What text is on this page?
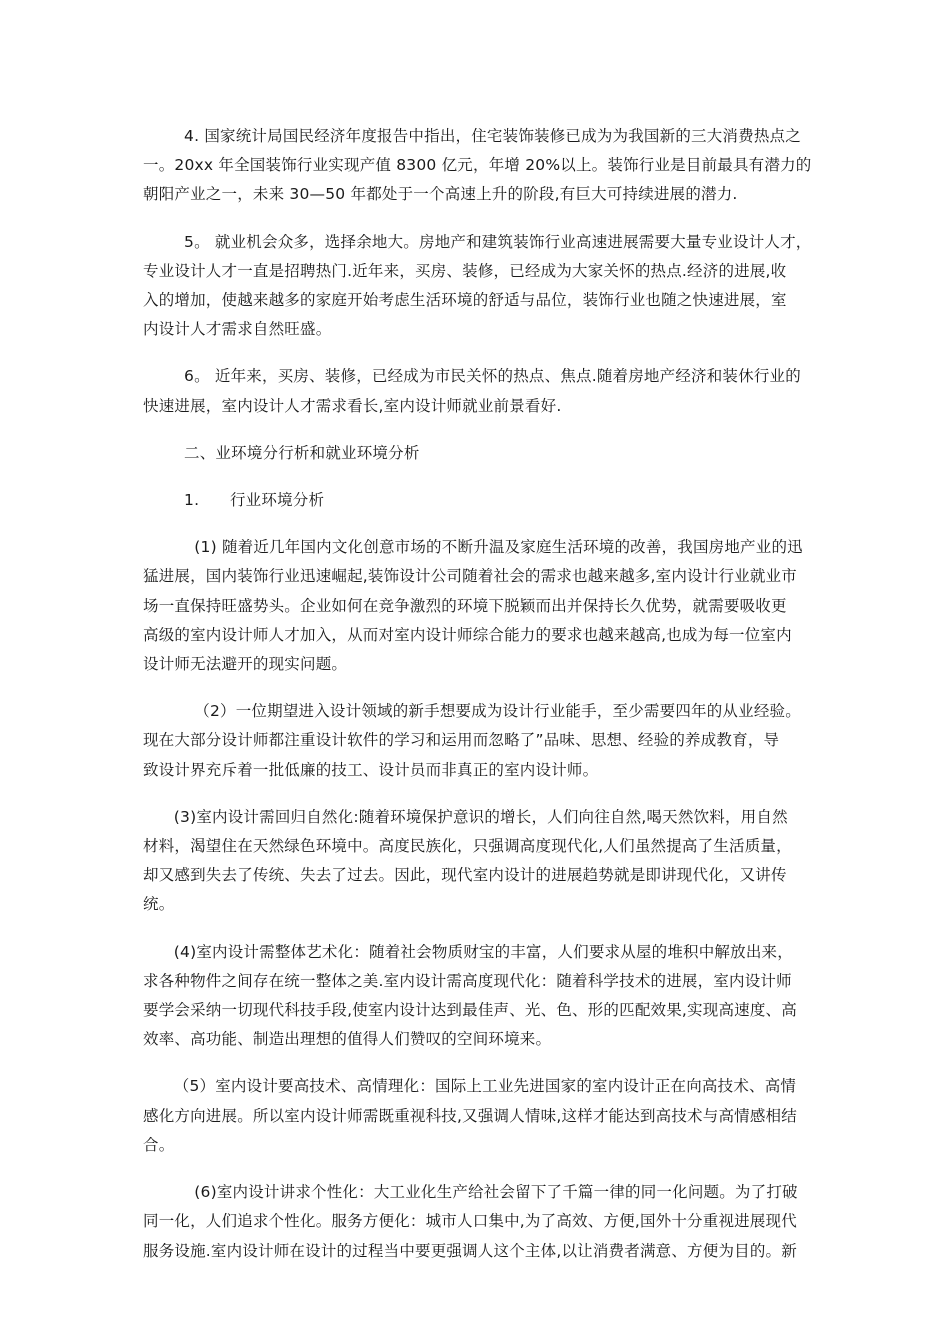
4. 国家统计局国民经济年度报告中指出，住宅装饰装修已成为为我国新的三大消费热点之
一。20xx 年全国装饰行业实现产值 8300 亿元，年增 20%以上。装饰行业是目前最具有潜力的
朝阳产业之一，未来 30—50 年都处于一个高速上升的阶段,有巨大可持续进展的潜力.

5。 就业机会众多，选择余地大。房地产和建筑装饰行业高速进展需要大量专业设计人才，
专业设计人才一直是招聘热门.近年来，买房、装修，已经成为大家关怀的热点.经济的进展,收
入的增加，使越来越多的家庭开始考虑生活环境的舒适与品位，装饰行业也随之快速进展，室
内设计人才需求自然旺盛。

6。 近年来，买房、装修，已经成为市民关怀的热点、焦点.随着房地产经济和装休行业的
快速进展，室内设计人才需求看长,室内设计师就业前景看好.

二、业环境分行析和就业环境分析

1.      行业环境分析

(1) 随着近几年国内文化创意市场的不断升温及家庭生活环境的改善，我国房地产业的迅
猛进展，国内装饰行业迅速崛起,装饰设计公司随着社会的需求也越来越多,室内设计行业就业市
场一直保持旺盛势头。企业如何在竞争激烈的环境下脱颖而出并保持长久优势，就需要吸收更
高级的室内设计师人才加入，从而对室内设计师综合能力的要求也越来越高,也成为每一位室内
设计师无法避开的现实问题。

（2）一位期望进入设计领域的新手想要成为设计行业能手，至少需要四年的从业经验。
现在大部分设计师都注重设计软件的学习和运用而忽略了”品味、思想、经验的养成教育，导
致设计界充斥着一批低廉的技工、设计员而非真正的室内设计师。

(3)室内设计需回归自然化:随着环境保护意识的增长，人们向往自然,喝天然饮料，用自然
材料，渴望住在天然绿色环境中。高度民族化，只强调高度现代化,人们虽然提高了生活质量，
却又感到失去了传统、失去了过去。因此，现代室内设计的进展趋势就是即讲现代化，又讲传
统。

(4)室内设计需整体艺术化：随着社会物质财宝的丰富，人们要求从屋的堆积中解放出来，
求各种物件之间存在统一整体之美.室内设计需高度现代化：随着科学技术的进展，室内设计师
要学会采纳一切现代科技手段,使室内设计达到最佳声、光、色、形的匹配效果,实现高速度、高
效率、高功能、制造出理想的值得人们赞叹的空间环境来。

（5）室内设计要高技术、高情理化：国际上工业先进国家的室内设计正在向高技术、高情
感化方向进展。所以室内设计师需既重视科技,又强调人情味,这样才能达到高技术与高情感相结
合。

(6)室内设计讲求个性化：大工业化生产给社会留下了千篇一律的同一化问题。为了打破
同一化，人们追求个性化。服务方便化：城市人口集中,为了高效、方便,国外十分重视进展现代
服务设施.室内设计师在设计的过程当中要更强调人这个主体,以让消费者满意、方便为目的。新
